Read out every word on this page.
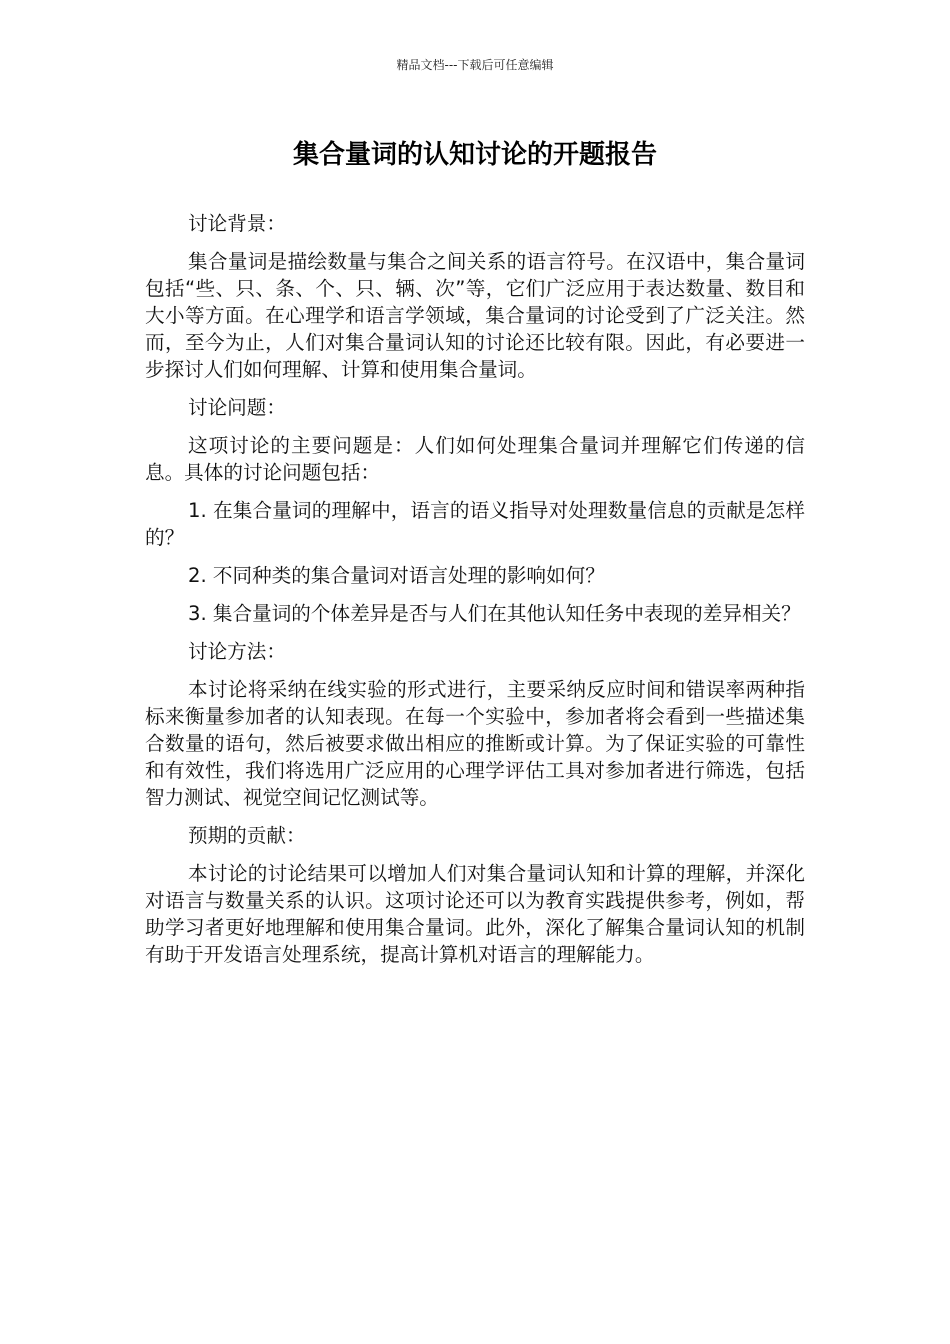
精品文档---下载后可任意编辑
集合量词的认知讨论的开题报告

讨论背景：

集合量词是描绘数量与集合之间关系的语言符号。在汉语中，集合量词包括“些、只、条、个、只、辆、次”等，它们广泛应用于表达数量、数目和大小等方面。在心理学和语言学领域，集合量词的讨论受到了广泛关注。然而，至今为止，人们对集合量词认知的讨论还比较有限。因此，有必要进一步探讨人们如何理解、计算和使用集合量词。

讨论问题：

这项讨论的主要问题是：人们如何处理集合量词并理解它们传递的信息。具体的讨论问题包括：

1. 在集合量词的理解中，语言的语义指导对处理数量信息的贡献是怎样的？

2. 不同种类的集合量词对语言处理的影响如何？

3. 集合量词的个体差异是否与人们在其他认知任务中表现的差异相关？

讨论方法：

本讨论将采纳在线实验的形式进行，主要采纳反应时间和错误率两种指标来衡量参加者的认知表现。在每一个实验中，参加者将会看到一些描述集合数量的语句，然后被要求做出相应的推断或计算。为了保证实验的可靠性和有效性，我们将选用广泛应用的心理学评估工具对参加者进行筛选，包括智力测试、视觉空间记忆测试等。

预期的贡献：

本讨论的讨论结果可以增加人们对集合量词认知和计算的理解，并深化对语言与数量关系的认识。这项讨论还可以为教育实践提供参考，例如，帮助学习者更好地理解和使用集合量词。此外，深化了解集合量词认知的机制有助于开发语言处理系统，提高计算机对语言的理解能力。
